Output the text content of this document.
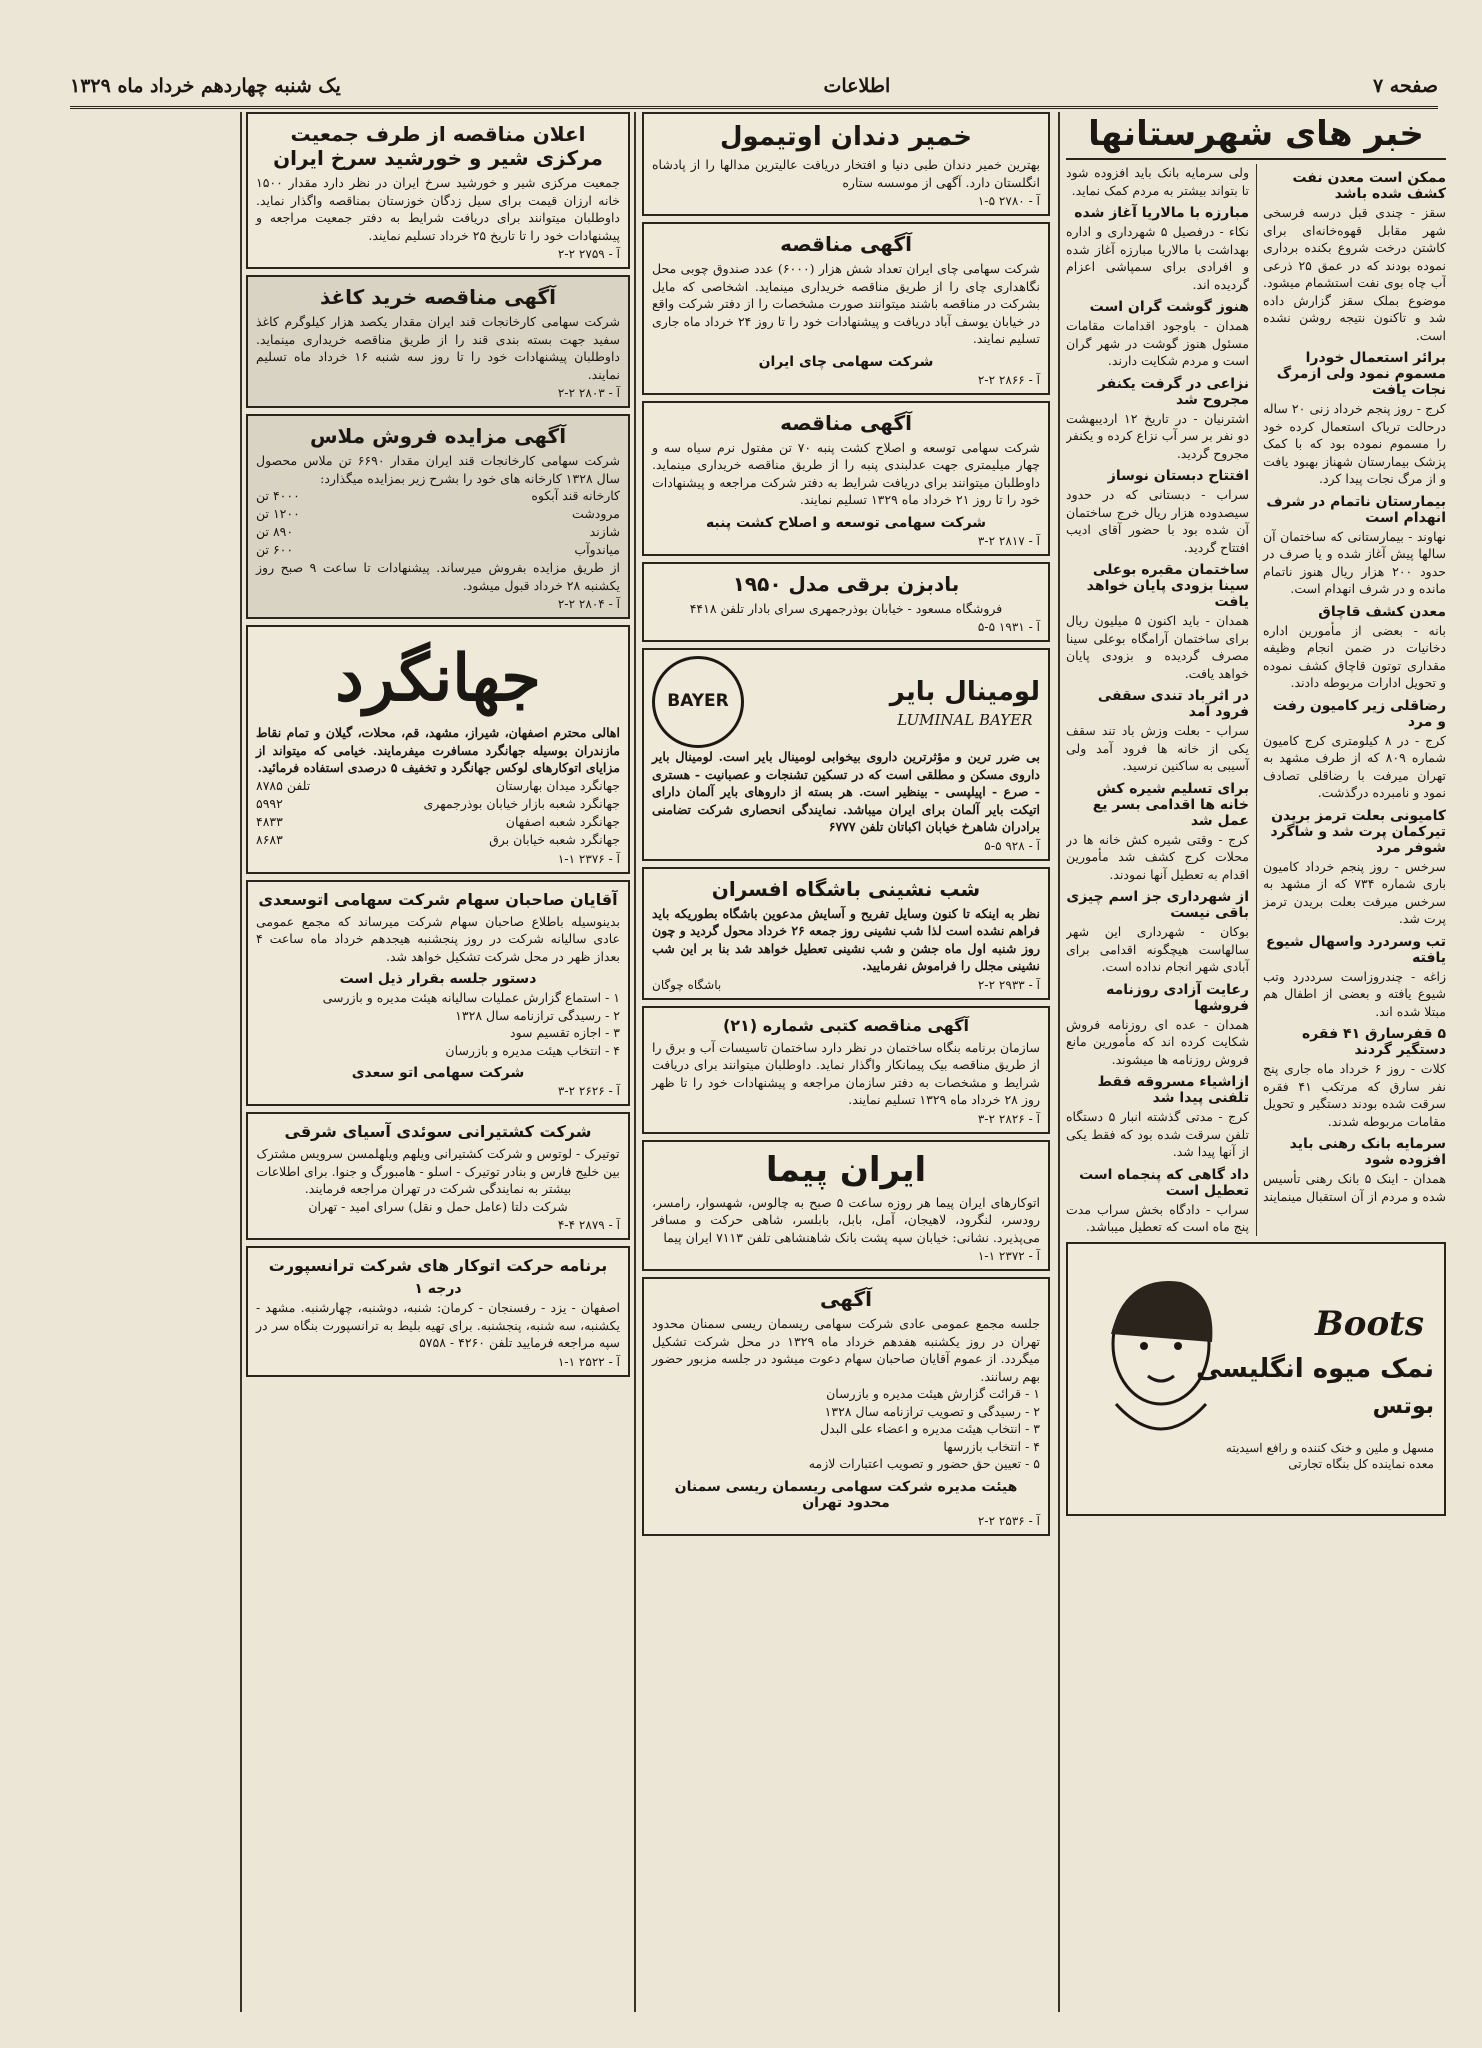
صفحه ۷
اطلاعات
یک شنبه چهاردهم خرداد ماه ۱۳۲۹
خبر های شهرستانها
ممکن است معدن نفت کشف شده باشد
سقز - چندی قبل درسه فرسخی شهر مقابل قهوه‌خانه‌ای برای کاشتن درخت شروع بکنده برداری نموده بودند که در عمق ۲۵ ذرعی آب چاه بوی نفت استشمام میشود. موضوع بملک سقز گزارش داده شد و تاکنون نتیجه روشن نشده است.
برائر استعمال خودرا مسموم نمود ولی ازمرگ نجات یافت
کرج - روز پنجم خرداد زنی ۲۰ ساله درحالت تریاک استعمال کرده خود را مسموم نموده بود که با کمک پزشک بیمارستان شهناز بهبود یافت و از مرگ نجات پیدا کرد.
بیمارستان ناتمام در شرف انهدام است
نهاوند - بیمارستانی که ساختمان آن سالها پیش آغاز شده و یا صرف در حدود ۲۰۰ هزار ریال هنوز ناتمام مانده و در شرف انهدام است.
معدن کشف قاچاق
بانه - بعضی از مأمورین اداره دخانیات در ضمن انجام وظیفه مقداری توتون قاچاق کشف نموده و تحویل ادارات مربوطه دادند.
رضاقلی زیر کامیون رفت و مرد
کرج - در ۸ کیلومتری کرج کامیون شماره ۸۰۹ که از طرف مشهد به تهران میرفت با رضاقلی تصادف نمود و نامبرده درگذشت.
کامیونی بعلت ترمز بریدن تیرکمان پرت شد و شاگرد شوفر مرد
سرخس - روز پنجم خرداد کامیون باری شماره ۷۳۴ که از مشهد به سرخس میرفت بعلت بریدن ترمز پرت شد.
تب وسردرد واسهال شیوع یافته
زاغه - چندروزاست سرددرد وتب شیوع یافته و بعضی از اطفال هم مبتلا شده اند.
۵ قفرسارق ۴۱ فقره دستگیر گردند
کلات - روز ۶ خرداد ماه جاری پنج نفر سارق که مرتکب ۴۱ فقره سرقت شده بودند دستگیر و تحویل مقامات مربوطه شدند.
سرمایه بانک رهنی باید افزوده شود
همدان - اینک ۵ بانک رهنی تأسیس شده و مردم از آن استقبال مینمایند ولی سرمایه بانک باید افزوده شود تا بتواند بیشتر به مردم کمک نماید.
مبارزه با مالاریا آغاز شده
نکاء - درفصیل ۵ شهرداری و اداره بهداشت با مالاریا مبارزه آغاز شده و افرادی برای سمپاشی اعزام گردیده اند.
هنوز گوشت گران است
همدان - باوجود اقدامات مقامات مسئول هنوز گوشت در شهر گران است و مردم شکایت دارند.
نزاعی در گرفت یکنفر مجروح شد
اشترنیان - در تاریخ ۱۲ اردیبهشت دو نفر بر سر آب نزاع کرده و یکنفر مجروح گردید.
افتتاح دبستان نوساز
سراب - دبستانی که در حدود سیصدوده هزار ریال خرج ساختمان آن شده بود با حضور آقای ادیب افتتاح گردید.
ساختمان مقبره بوعلی سینا بزودی پایان خواهد یافت
همدان - باید اکنون ۵ میلیون ریال برای ساختمان آرامگاه بوعلی سینا مصرف گردیده و بزودی پایان خواهد یافت.
در اثر باد تندی سقفی فرود آمد
سراب - بعلت وزش باد تند سقف یکی از خانه ها فرود آمد ولی آسیبی به ساکنین نرسید.
برای تسلیم شیره کش خانه ها اقدامی بسر یع عمل شد
کرج - وقتی شیره کش خانه ها در محلات کرج کشف شد مأمورین اقدام به تعطیل آنها نمودند.
از شهرداری جز اسم چیزی باقی نیست
بوکان - شهرداری این شهر سالهاست هیچگونه اقدامی برای آبادی شهر انجام نداده است.
رعایت آزادی روزنامه فروشها
همدان - عده ای روزنامه فروش شکایت کرده اند که مأمورین مانع فروش روزنامه ها میشوند.
ازاشیاء مسروقه فقط تلفنی پیدا شد
کرج - مدتی گذشته انبار ۵ دستگاه تلفن سرقت شده بود که فقط یکی از آنها پیدا شد.
داد گاهی که پنجماه است تعطیل است
سراب - دادگاه بخش سراب مدت پنج ماه است که تعطیل میباشد.
Boots
نمک میوه انگلیسی
بوتس
مسهل و ملین و خنک کننده و رافع اسیدیته معده نماینده کل بنگاه تجارتی
خمیر دندان اوتیمول
بهترین خمیر دندان طبی دنیا و افتخار دریافت عالیترین مدالها را از پادشاه انگلستان دارد. آگهی از موسسه ستاره
آ - ۲۷۸۰ ۵-۱
آگهی مناقصه
شرکت سهامی چای ایران تعداد شش هزار (۶۰۰۰) عدد صندوق چوبی محل نگاهداری چای را از طریق مناقصه خریداری مینماید. اشخاصی که مایل بشرکت در مناقصه باشند میتوانند صورت مشخصات را از دفتر شرکت واقع در خیابان یوسف آباد دریافت و پیشنهادات خود را تا روز ۲۴ خرداد ماه جاری تسلیم نمایند.
شرکت سهامی چای ایران
آ - ۲۸۶۶ ۲-۲
آگهی مناقصه
شرکت سهامی توسعه و اصلاح کشت پنبه ۷۰ تن مفتول نرم سیاه سه و چهار میلیمتری جهت عدلبندی پنبه را از طریق مناقصه خریداری مینماید. داوطلبان میتوانند برای دریافت شرایط به دفتر شرکت مراجعه و پیشنهادات خود را تا روز ۲۱ خرداد ماه ۱۳۲۹ تسلیم نمایند.
شرکت سهامی توسعه و اصلاح کشت پنبه
آ - ۲۸۱۷ ۲-۳
بادبزن برقی مدل ۱۹۵۰
فروشگاه مسعود - خیابان بوذرجمهری سرای بادار تلفن ۴۴۱۸
آ - ۱۹۳۱ ۵-۵
لومینال بایر
LUMINAL BAYER
BAYER
بی ضرر ترین و مؤثرترین داروی بیخوابی لومینال بایر است. لومینال بایر داروی مسکن و مطلقی است که در تسکین تشنجات و عصبانیت - هستری - صرع - اپیلپسی - بینظیر است. هر بسته از داروهای بایر آلمان دارای اتیکت بایر آلمان برای ایران میباشد. نمایندگی انحصاری شرکت تضامنی برادران شاهرخ خیابان اکباتان تلفن ۶۷۷۷
آ - ۹۲۸ ۵-۵
شب نشینی باشگاه افسران
نظر به اینکه تا کنون وسایل تفریح و آسایش مدعوین باشگاه بطوریکه باید فراهم نشده است لذا شب نشینی روز جمعه ۲۶ خرداد محول گردید و چون روز شنبه اول ماه جشن و شب نشینی تعطیل خواهد شد بنا بر این شب نشینی مجلل را فراموش نفرمایید.
آ - ۲۹۳۳ ۲-۲
باشگاه چوگان
آگهی مناقصه کتبی شماره (۲۱)
سازمان برنامه بنگاه ساختمان در نظر دارد ساختمان تاسیسات آب و برق را از طریق مناقصه بیک پیمانکار واگذار نماید. داوطلبان میتوانند برای دریافت شرایط و مشخصات به دفتر سازمان مراجعه و پیشنهادات خود را تا ظهر روز ۲۸ خرداد ماه ۱۳۲۹ تسلیم نمایند.
آ - ۲۸۲۶ ۲-۳
ایران پیما
اتوکارهای ایران پیما هر روزه ساعت ۵ صبح به چالوس، شهسوار، رامسر، رودسر، لنگرود، لاهیجان، آمل، بابل، بابلسر، شاهی حرکت و مسافر می‌پذیرد. نشانی: خیابان سپه پشت بانک شاهنشاهی تلفن ۷۱۱۳ ایران پیما
آ - ۲۳۷۲ ۱-۱
آگهی
جلسه مجمع عمومی عادی شرکت سهامی ریسمان ریسی سمنان محدود تهران در روز یکشنبه هفدهم خرداد ماه ۱۳۲۹ در محل شرکت تشکیل میگردد. از عموم آقایان صاحبان سهام دعوت میشود در جلسه مزبور حضور بهم رسانند.
۱ - قرائت گزارش هیئت مدیره و بازرسان
۲ - رسیدگی و تصویب ترازنامه سال ۱۳۲۸
۳ - انتخاب هیئت مدیره و اعضاء علی البدل
۴ - انتخاب بازرسها
۵ - تعیین حق حضور و تصویب اعتبارات لازمه
هیئت مدیره شرکت سهامی ریسمان ریسی سمنان محدود تهران
آ - ۲۵۳۶ ۲-۲
اعلان مناقصه از طرف جمعیت مرکزی شیر و خورشید سرخ ایران
جمعیت مرکزی شیر و خورشید سرخ ایران در نظر دارد مقدار ۱۵۰۰ خانه ارزان قیمت برای سیل زدگان خوزستان بمناقصه واگذار نماید. داوطلبان میتوانند برای دریافت شرایط به دفتر جمعیت مراجعه و پیشنهادات خود را تا تاریخ ۲۵ خرداد تسلیم نمایند.
آ - ۲۷۵۹ ۲-۲
آگهی مناقصه خرید کاغذ
شرکت سهامی کارخانجات قند ایران مقدار یکصد هزار کیلوگرم کاغذ سفید جهت بسته بندی قند را از طریق مناقصه خریداری مینماید. داوطلبان پیشنهادات خود را تا روز سه شنبه ۱۶ خرداد ماه تسلیم نمایند.
آ - ۲۸۰۳ ۲-۲
آگهی مزایده فروش ملاس
شرکت سهامی کارخانجات قند ایران مقدار ۶۶۹۰ تن ملاس محصول سال ۱۳۲۸ کارخانه های خود را بشرح زیر بمزایده میگذارد:
کارخانه قند آبکوه
۴۰۰۰ تن
مرودشت
۱۲۰۰ تن
شازند
۸۹۰ تن
میاندوآب
۶۰۰ تن
از طریق مزایده بفروش میرساند. پیشنهادات تا ساعت ۹ صبح روز یکشنبه ۲۸ خرداد قبول میشود.
آ - ۲۸۰۴ ۲-۲
جهانگرد
اهالی محترم اصفهان، شیراز، مشهد، قم، محلات، گیلان و تمام نقاط مازندران بوسیله جهانگرد مسافرت میفرمایند. خیامی که میتواند از مزایای اتوکارهای لوکس جهانگرد و تخفیف ۵ درصدی استفاده فرمائید.
جهانگرد میدان بهارستان
تلفن ۸۷۸۵
جهانگرد شعبه بازار خیابان بوذرجمهری
۵۹۹۲
جهانگرد شعبه اصفهان
۴۸۳۳
جهانگرد شعبه خیابان برق
۸۶۸۳
آ - ۲۳۷۶ ۱-۱
آقایان صاحبان سهام شرکت سهامی اتوسعدی
بدینوسیله باطلاع صاحبان سهام شرکت میرساند که مجمع عمومی عادی سالیانه شرکت در روز پنجشنبه هیجدهم خرداد ماه ساعت ۴ بعداز ظهر در محل شرکت تشکیل خواهد شد.
دستور جلسه بقرار ذیل است
۱ - استماع گزارش عملیات سالیانه هیئت مدیره و بازرسی
۲ - رسیدگی ترازنامه سال ۱۳۲۸
۳ - اجازه تقسیم سود
۴ - انتخاب هیئت مدیره و بازرسان
شرکت سهامی اتو سعدی
آ - ۲۶۲۶ ۲-۳
شرکت کشتیرانی سوئدی آسیای شرقی
توتیرک - لوتوس و شرکت کشتیرانی ویلهم ویلهلمسن سرویس مشترک بین خلیج فارس و بنادر توتیرک - اسلو - هامبورگ و جنوا. برای اطلاعات بیشتر به نمایندگی شرکت در تهران مراجعه فرمایند.
شرکت دلتا (عامل حمل و نقل) سرای امید - تهران
آ - ۲۸۷۹ ۴-۴
برنامه حرکت اتوکار های شرکت ترانسپورت
درجه ۱
اصفهان - یزد - رفسنجان - کرمان: شنبه، دوشنبه، چهارشنبه. مشهد - یکشنبه، سه شنبه، پنجشنبه. برای تهیه بلیط به ترانسپورت بنگاه سر در سپه مراجعه فرمایید تلفن ۴۲۶۰ - ۵۷۵۸
آ - ۲۵۲۲ ۱-۱
